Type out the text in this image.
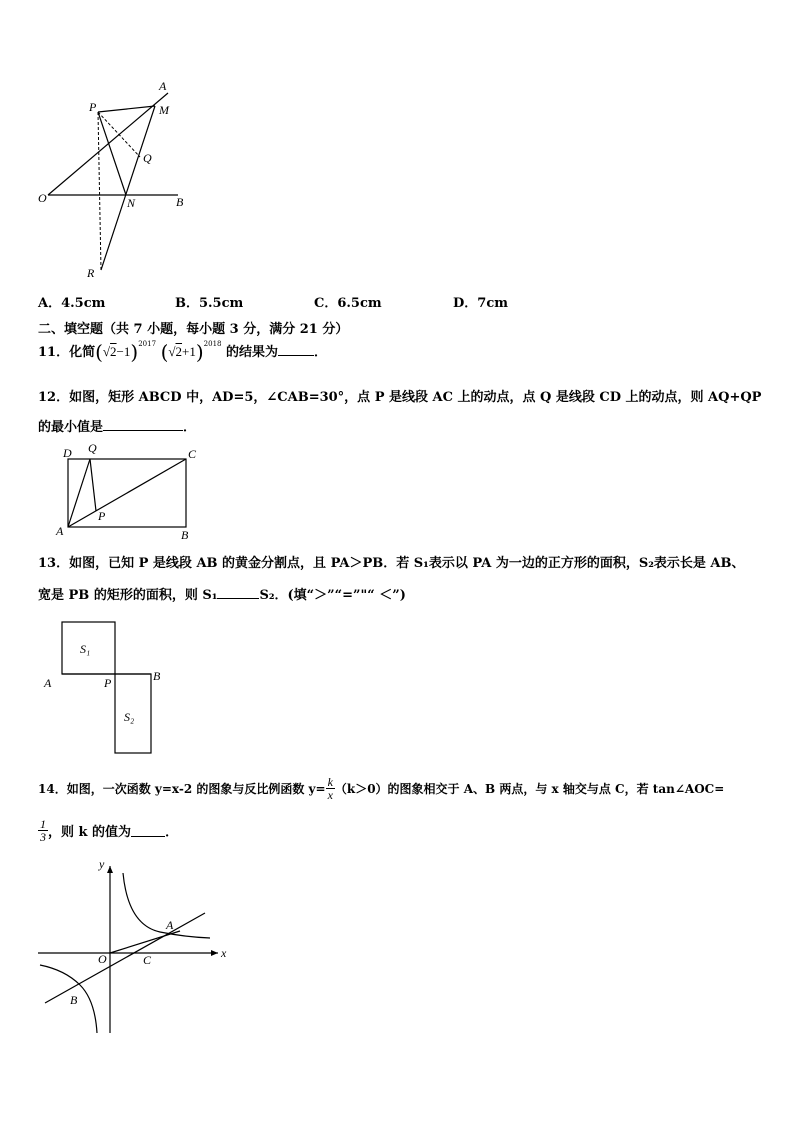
A
M
P
Q
O	N	B
R
A．4.5cm	B．5.5cm	C．6.5cm	D．7cm
二、填空题（共 7 小题，每小题 3 分，满分 21 分）
11．化简$(√2-1)^{2017}$ $(√2+1)^{2018}$ 的结果为	．
12．如图，矩形 ABCD 中，AD=5，∠CAB=30°，点 P 是线段 AC 上的动点，点 Q 是线段 CD 上的动点，则 AQ+QP
的最小值是	．
D Q	C
A
P
B
13．如图，已知 P 是线段 AB 的黄金分割点，且 PA＞PB．若 S₁表示以 PA 为一边的正方形的面积，S₂表示长是 AB、
宽是 PB 的矩形的面积，则 S₁	S₂．(填“＞”“=”"“ ＜”)
S₁
S₂
A	P	B
14．如图，一次函数 y=x-2 的图象与反比例函数 $y= \frac{k}{x} (k>0)$的图象相交于 A、B 两点，与 x 轴交与点 C，若 tan∠AOC=
$\frac{1}{3}$ ，则 k 的值为	．
y
x
A
O	C
B
